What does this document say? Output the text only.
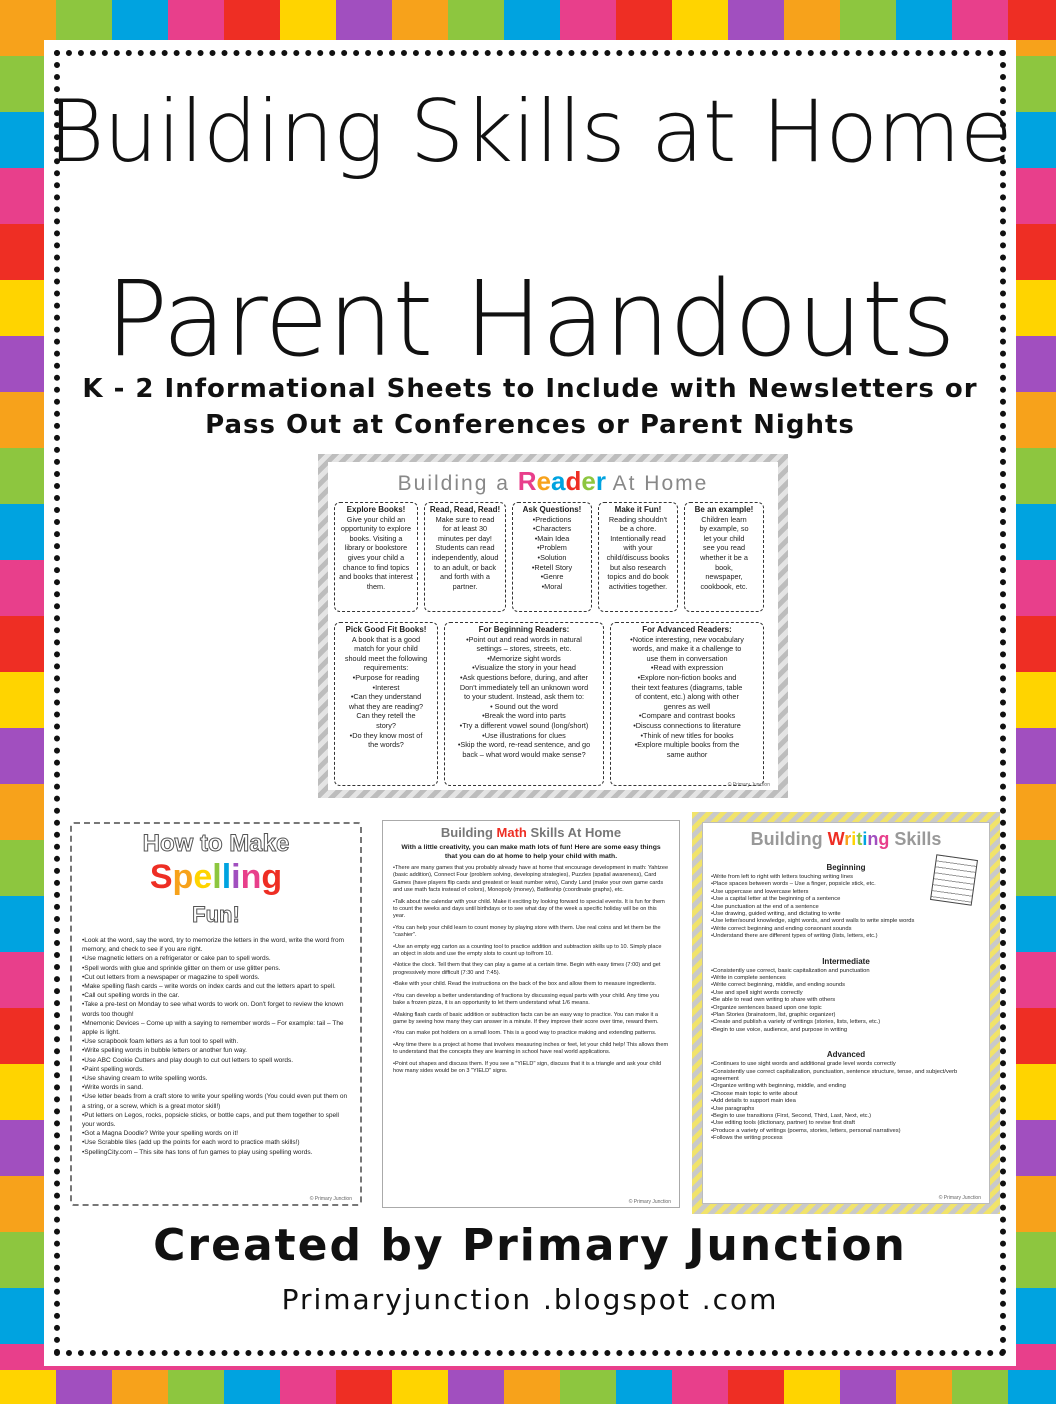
Building Skills at Home
Parent Handouts
K - 2 Informational Sheets to Include with Newsletters or
Pass Out at Conferences or Parent Nights
Building a Reader At Home
Explore Books!
Give your child an
opportunity to explore
books. Visiting a
library or bookstore
gives your child a
chance to find topics
and books that interest
them.
Read, Read, Read!
Make sure to read
for at least 30
minutes per day!
Students can read
independently, aloud
to an adult, or back
and forth with a
partner.
Ask Questions!
•Predictions
•Characters
•Main Idea
•Problem
•Solution
•Retell Story
•Genre
•Moral
Make it Fun!
Reading shouldn't
be a chore.
Intentionally read
with your
child/discuss books
but also research
topics and do book
activities together.
Be an example!
Children learn
by example, so
let your child
see you read
whether it be a
book,
newspaper,
cookbook, etc.
Pick Good Fit Books!
A book that is a good
match for your child
should meet the following
requirements:
•Purpose for reading
•Interest
•Can they understand
what they are reading?
Can they retell the
story?
•Do they know most of
the words?
For Beginning Readers:
•Point out and read words in natural
settings – stores, streets, etc.
•Memorize sight words
•Visualize the story in your head
•Ask questions before, during, and after
Don't immediately tell an unknown word
to your student. Instead, ask them to:
• Sound out the word
•Break the word into parts
•Try a different vowel sound (long/short)
•Use illustrations for clues
•Skip the word, re-read sentence, and go
back – what word would make sense?
For Advanced Readers:
•Notice interesting, new vocabulary
words, and make it a challenge to
use them in conversation
•Read with expression
•Explore non-fiction books and
their text features (diagrams, table
of content, etc.) along with other
genres as well
•Compare and contrast books
•Discuss connections to literature
•Think of new titles for books
•Explore multiple books from the
same author
© Primary Junction
How to Make
Spelling
Fun!
•Look at the word, say the word, try to memorize the letters in the word, write the word from memory, and check to see if you are right.
•Use magnetic letters on a refrigerator or cake pan to spell words.
•Spell words with glue and sprinkle glitter on them or use glitter pens.
•Cut out letters from a newspaper or magazine to spell words.
•Make spelling flash cards – write words on index cards and cut the letters apart to spell.
•Call out spelling words in the car.
•Take a pre-test on Monday to see what words to work on. Don't forget to review the known words too though!
•Mnemonic Devices – Come up with a saying to remember words – For example: tail – The apple is light.
•Use scrapbook foam letters as a fun tool to spell with.
•Write spelling words in bubble letters or another fun way.
•Use ABC Cookie Cutters and play dough to cut out letters to spell words.
•Paint spelling words.
•Use shaving cream to write spelling words.
•Write words in sand.
•Use letter beads from a craft store to write your spelling words (You could even put them on a string, or a screw, which is a great motor skill!)
•Put letters on Legos, rocks, popsicle sticks, or bottle caps, and put them together to spell your words.
•Got a Magna Doodle? Write your spelling words on it!
•Use Scrabble tiles (add up the points for each word to practice math skills!)
•SpellingCity.com – This site has tons of fun games to play using spelling words.
© Primary Junction
Building Math Skills At Home
With a little creativity, you can make math lots of fun! Here are some easy things that you can do at home to help your child with math.
•There are many games that you probably already have at home that encourage development in math: Yahtzee (basic addition), Connect Four (problem solving, developing strategies), Puzzles (spatial awareness), Card Games (have players flip cards and greatest or least number wins), Candy Land (make your own game cards and use math facts instead of colors), Monopoly (money), Battleship (coordinate graphs), etc.
•Talk about the calendar with your child. Make it exciting by looking forward to special events. It is fun for them to count the weeks and days until birthdays or to see what day of the week a specific holiday will be on this year.
•You can help your child learn to count money by playing store with them. Use real coins and let them be the "cashier".
•Use an empty egg carton as a counting tool to practice addition and subtraction skills up to 10. Simply place an object in slots and use the empty slots to count up to/from 10.
•Notice the clock. Tell them that they can play a game at a certain time. Begin with easy times (7:00) and get progressively more difficult (7:30 and 7:45).
•Bake with your child. Read the instructions on the back of the box and allow them to measure ingredients.
•You can develop a better understanding of fractions by discussing equal parts with your child. Any time you bake a frozen pizza, it is an opportunity to let them understand what 1/6 means.
•Making flash cards of basic addition or subtraction facts can be an easy way to practice. You can make it a game by seeing how many they can answer in a minute. If they improve their score over time, reward them.
•You can make pot holders on a small loom. This is a good way to practice making and extending patterns.
•Any time there is a project at home that involves measuring inches or feet, let your child help! This allows them to understand that the concepts they are learning in school have real world applications.
•Point out shapes and discuss them. If you see a "YIELD" sign, discuss that it is a triangle and ask your child how many sides would be on 3 "YIELD" signs.
© Primary Junction
Building Writing Skills
Beginning
•Write from left to right with letters touching writing lines
•Place spaces between words – Use a finger, popsicle stick, etc.
•Use uppercase and lowercase letters
•Use a capital letter at the beginning of a sentence
•Use punctuation at the end of a sentence
•Use drawing, guided writing, and dictating to write
•Use letter/sound knowledge, sight words, and word walls to write simple words
•Write correct beginning and ending consonant sounds
•Understand there are different types of writing (lists, letters, etc.)
Intermediate
•Consistently use correct, basic capitalization and punctuation
•Write in complete sentences
•Write correct beginning, middle, and ending sounds
•Use and spell sight words correctly
•Be able to read own writing to share with others
•Organize sentences based upon one topic
•Plan Stories (brainstorm, list, graphic organizer)
•Create and publish a variety of writings (stories, lists, letters, etc.)
•Begin to use voice, audience, and purpose in writing
Advanced
•Continues to use sight words and additional grade level words correctly
•Consistently use correct capitalization, punctuation, sentence structure, tense, and subject/verb agreement
•Organize writing with beginning, middle, and ending
•Choose main topic to write about
•Add details to support main idea
•Use paragraphs
•Begin to use transitions (First, Second, Third, Last, Next, etc.)
•Use editing tools (dictionary, partner) to revise first draft
•Produce a variety of writings (poems, stories, letters, personal narratives)
•Follows the writing process
© Primary Junction
Created by Primary Junction
Primaryjunction .blogspot .com
